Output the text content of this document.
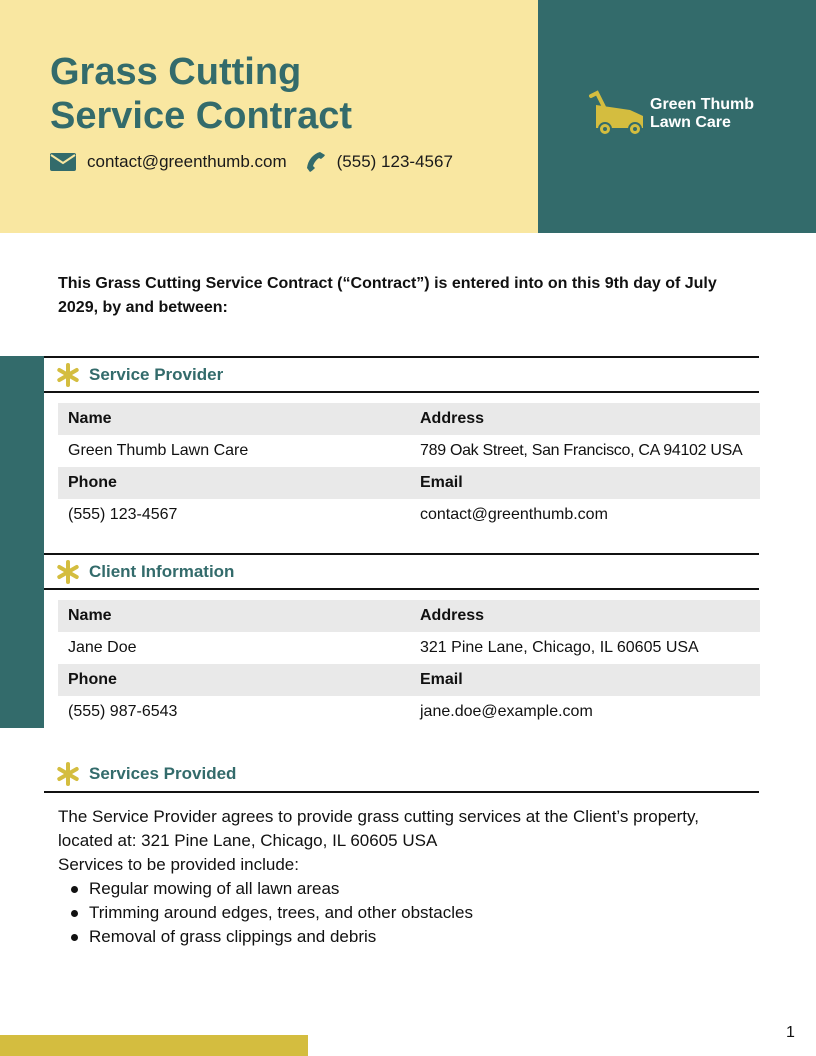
Grass Cutting
Service Contract
contact@greenthumb.com	(555) 123-4567
Green Thumb
Lawn Care

This Grass Cutting Service Contract (“Contract”) is entered into on this 9th day of July 2029, by and between:

Service Provider
Name	Address
Green Thumb Lawn Care	789 Oak Street, San Francisco, CA 94102 USA
Phone	Email
(555) 123-4567	contact@greenthumb.com
Client Information
Name	Address
Jane Doe	321 Pine Lane, Chicago, IL 60605 USA
Phone	Email
(555) 987-6543	jane.doe@example.com
Services Provided

The Service Provider agrees to provide grass cutting services at the Client’s property, located at: 321 Pine Lane, Chicago, IL 60605 USA

Services to be provided include:

Regular mowing of all lawn areas
Trimming around edges, trees, and other obstacles
Removal of grass clippings and debris
1
